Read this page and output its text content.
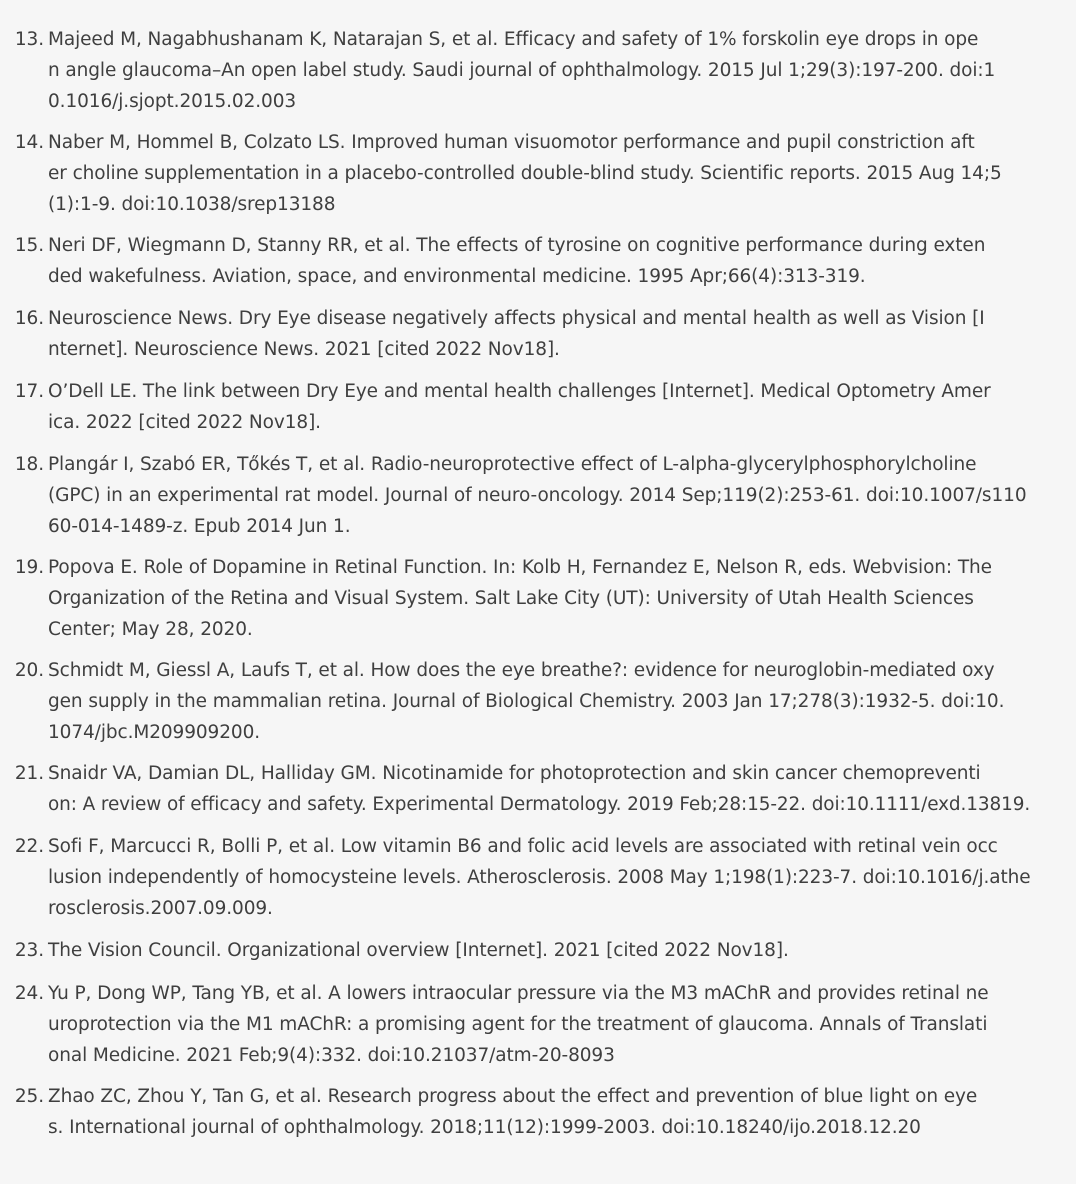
13. Majeed M, Nagabhushanam K, Natarajan S, et al. Efficacy and safety of 1% forskolin eye drops in ope
n angle glaucoma–An open label study. Saudi journal of ophthalmology. 2015 Jul 1;29(3):197-200. doi:1
0.1016/j.sjopt.2015.02.003
14. Naber M, Hommel B, Colzato LS. Improved human visuomotor performance and pupil constriction aft
er choline supplementation in a placebo-controlled double-blind study. Scientific reports. 2015 Aug 14;5
(1):1-9. doi:10.1038/srep13188
15. Neri DF, Wiegmann D, Stanny RR, et al. The effects of tyrosine on cognitive performance during exten
ded wakefulness. Aviation, space, and environmental medicine. 1995 Apr;66(4):313-319.
16. Neuroscience News. Dry Eye disease negatively affects physical and mental health as well as Vision [I
nternet]. Neuroscience News. 2021 [cited 2022 Nov18].
17. O’Dell LE. The link between Dry Eye and mental health challenges [Internet]. Medical Optometry Amer
ica. 2022 [cited 2022 Nov18].
18. Plangár I, Szabó ER, Tőkés T, et al. Radio-neuroprotective effect of L-alpha-glycerylphosphorylcholine
(GPC) in an experimental rat model. Journal of neuro-oncology. 2014 Sep;119(2):253-61. doi:10.1007/s110
60-014-1489-z. Epub 2014 Jun 1.
19. Popova E. Role of Dopamine in Retinal Function. In: Kolb H, Fernandez E, Nelson R, eds. Webvision: The
Organization of the Retina and Visual System. Salt Lake City (UT): University of Utah Health Sciences
Center; May 28, 2020.
20. Schmidt M, Giessl A, Laufs T, et al. How does the eye breathe?: evidence for neuroglobin-mediated oxy
gen supply in the mammalian retina. Journal of Biological Chemistry. 2003 Jan 17;278(3):1932-5. doi:10.
1074/jbc.M209909200.
21. Snaidr VA, Damian DL, Halliday GM. Nicotinamide for photoprotection and skin cancer chemopreventi
on: A review of efficacy and safety. Experimental Dermatology. 2019 Feb;28:15-22. doi:10.1111/exd.13819.
22. Sofi F, Marcucci R, Bolli P, et al. Low vitamin B6 and folic acid levels are associated with retinal vein occ
lusion independently of homocysteine levels. Atherosclerosis. 2008 May 1;198(1):223-7. doi:10.1016/j.athe
rosclerosis.2007.09.009.
23. The Vision Council. Organizational overview [Internet]. 2021 [cited 2022 Nov18].
24. Yu P, Dong WP, Tang YB, et al. A lowers intraocular pressure via the M3 mAChR and provides retinal ne
uroprotection via the M1 mAChR: a promising agent for the treatment of glaucoma. Annals of Translati
onal Medicine. 2021 Feb;9(4):332. doi:10.21037/atm-20-8093
25. Zhao ZC, Zhou Y, Tan G, et al. Research progress about the effect and prevention of blue light on eye
s. International journal of ophthalmology. 2018;11(12):1999-2003. doi:10.18240/ijo.2018.12.20
